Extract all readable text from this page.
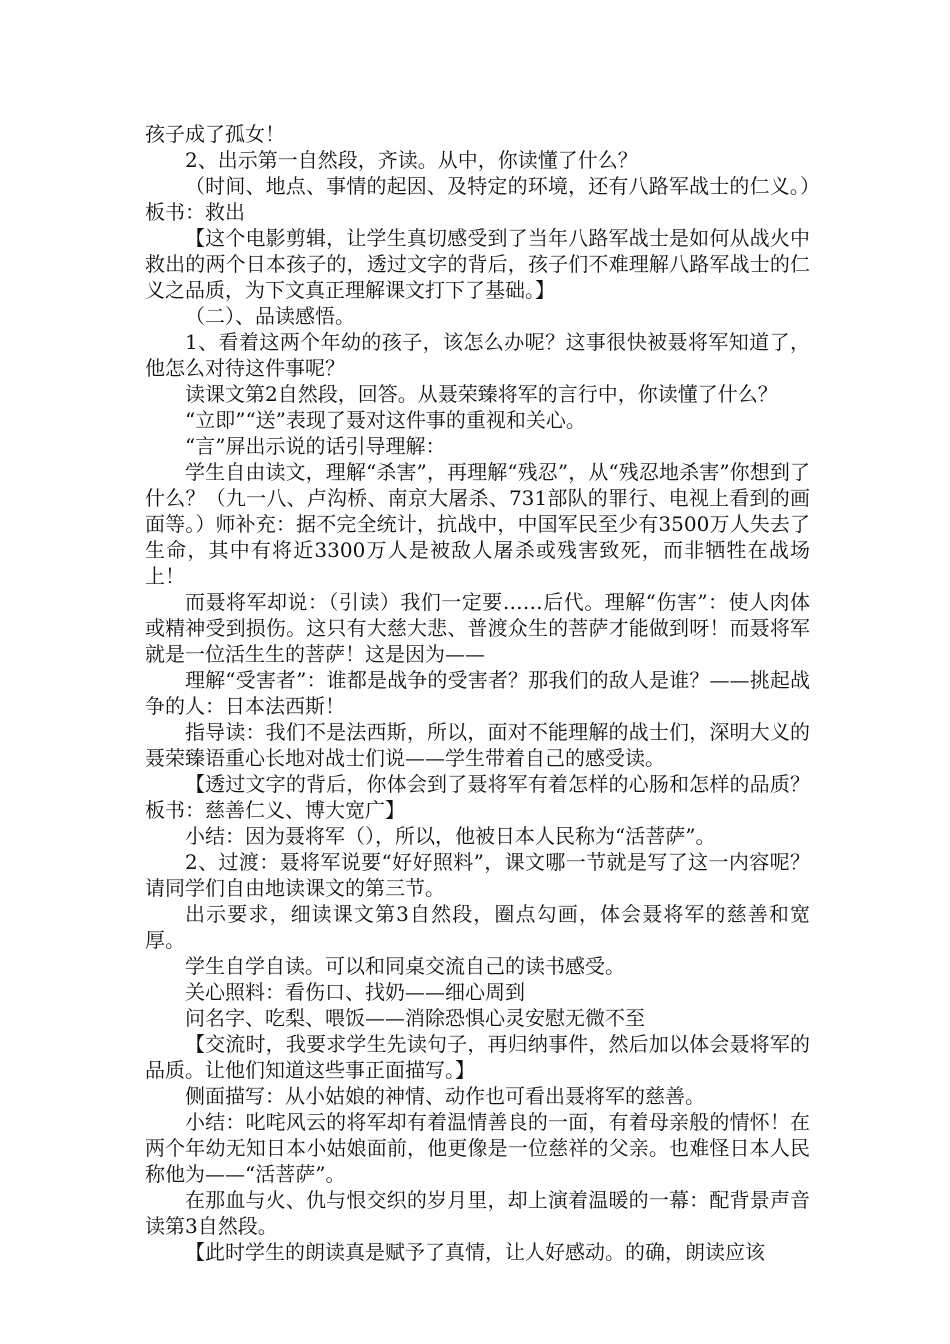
孩子成了孤女！

2、出示第一自然段，齐读。从中，你读懂了什么？

（时间、地点、事情的起因、及特定的环境，还有八路军战士的仁义。）板书：救出

【这个电影剪辑，让学生真切感受到了当年八路军战士是如何从战火中救出的两个日本孩子的，透过文字的背后，孩子们不难理解八路军战士的仁义之品质，为下文真正理解课文打下了基础。】

（二）、品读感悟。

1、看着这两个年幼的孩子，该怎么办呢？这事很快被聂将军知道了，他怎么对待这件事呢？

读课文第2自然段，回答。从聂荣臻将军的言行中，你读懂了什么？

“立即”“送”表现了聂对这件事的重视和关心。

“言”屏出示说的话引导理解：

学生自由读文，理解“杀害”，再理解“残忍”，从“残忍地杀害”你想到了什么？（九一八、卢沟桥、南京大屠杀、731部队的罪行、电视上看到的画面等。）师补充：据不完全统计，抗战中，中国军民至少有3500万人失去了生命，其中有将近3300万人是被敌人屠杀或残害致死，而非牺牲在战场上！

而聂将军却说：（引读）我们一定要……后代。理解“伤害”：使人肉体或精神受到损伤。这只有大慈大悲、普渡众生的菩萨才能做到呀！而聂将军就是一位活生生的菩萨！这是因为——

理解“受害者”：谁都是战争的受害者？那我们的敌人是谁？——挑起战争的人：日本法西斯！

指导读：我们不是法西斯，所以，面对不能理解的战士们，深明大义的聂荣臻语重心长地对战士们说——学生带着自己的感受读。

【透过文字的背后，你体会到了聂将军有着怎样的心肠和怎样的品质？板书：慈善仁义、博大宽广】

小结：因为聂将军（），所以，他被日本人民称为“活菩萨”。

2、过渡：聂将军说要“好好照料”，课文哪一节就是写了这一内容呢？请同学们自由地读课文的第三节。

出示要求，细读课文第3自然段，圈点勾画，体会聂将军的慈善和宽厚。

学生自学自读。可以和同桌交流自己的读书感受。

关心照料：看伤口、找奶——细心周到

问名字、吃梨、喂饭——消除恐惧心灵安慰无微不至

【交流时，我要求学生先读句子，再归纳事件，然后加以体会聂将军的品质。让他们知道这些事正面描写。】

侧面描写：从小姑娘的神情、动作也可看出聂将军的慈善。

小结：叱咤风云的将军却有着温情善良的一面，有着母亲般的情怀！在两个年幼无知日本小姑娘面前，他更像是一位慈祥的父亲。也难怪日本人民称他为——“活菩萨”。

在那血与火、仇与恨交织的岁月里，却上演着温暖的一幕：配背景声音读第3自然段。

【此时学生的朗读真是赋予了真情，让人好感动。的确，朗读应该
